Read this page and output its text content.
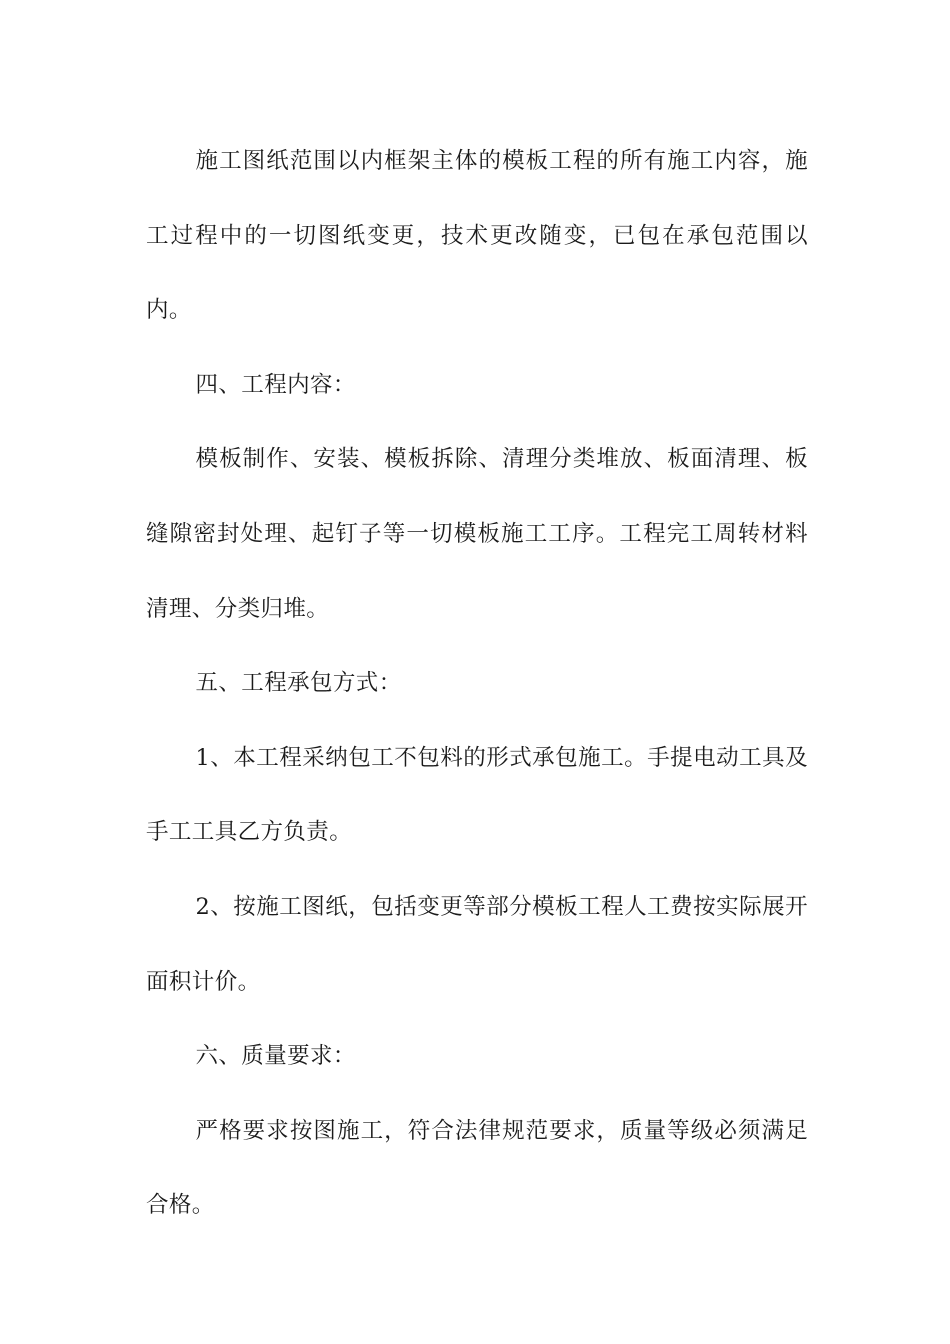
施工图纸范围以内框架主体的模板工程的所有施工内容，施工过程中的一切图纸变更，技术更改随变，已包在承包范围以内。

四、工程内容：

模板制作、安装、模板拆除、清理分类堆放、板面清理、板缝隙密封处理、起钉子等一切模板施工工序。工程完工周转材料清理、分类归堆。

五、工程承包方式：

1、本工程采纳包工不包料的形式承包施工。手提电动工具及手工工具乙方负责。

2、按施工图纸，包括变更等部分模板工程人工费按实际展开面积计价。

六、质量要求：

严格要求按图施工，符合法律规范要求，质量等级必须满足合格。
